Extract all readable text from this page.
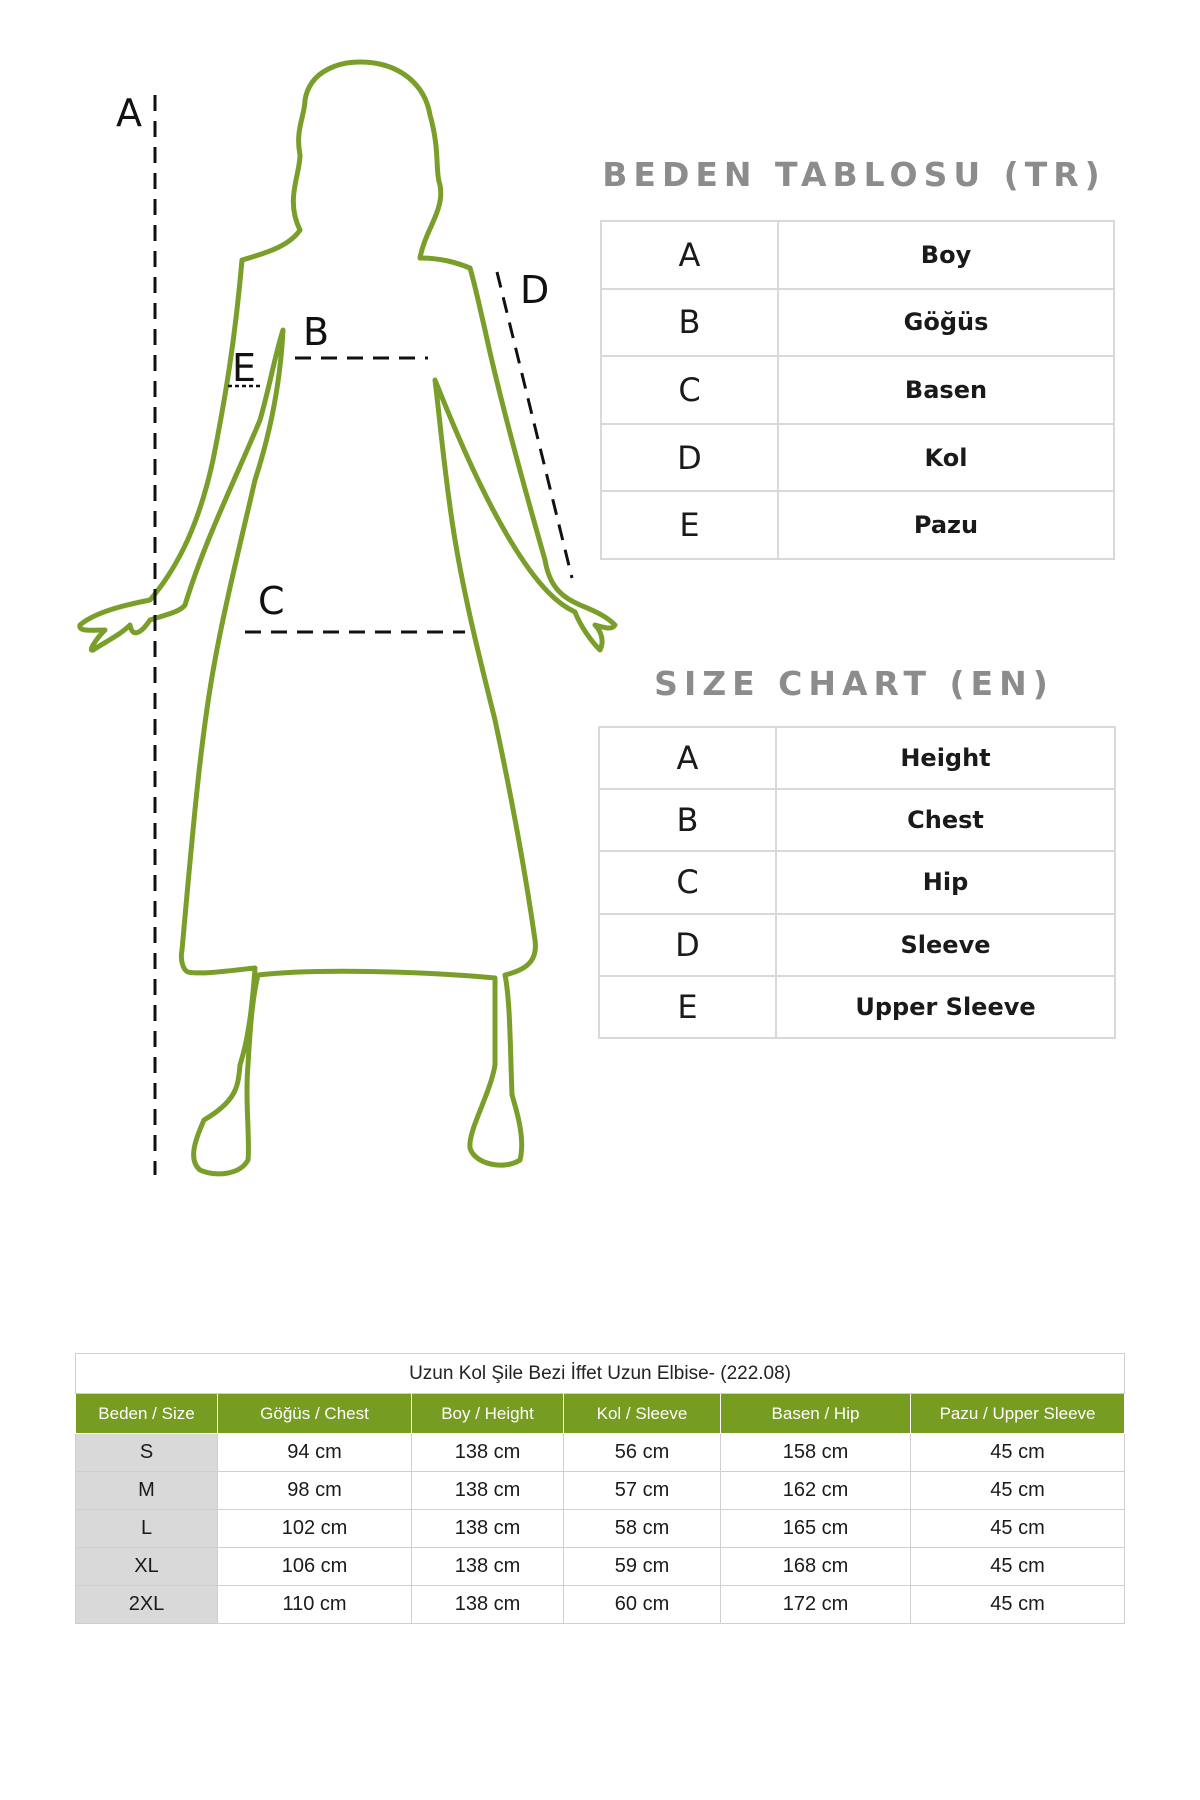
A
B
C
D
E
BEDEN TABLOSU (TR)
A	Boy
B	Göğüs
C	Basen
D	Kol
E	Pazu
SIZE CHART (EN)
A	Height
B	Chest
C	Hip
D	Sleeve
E	Upper Sleeve
Uzun Kol Şile Bezi İffet Uzun Elbise- (222.08)					
Beden / Size	Göğüs / Chest	Boy / Height	Kol / Sleeve	Basen / Hip	Pazu / Upper Sleeve
S	94 cm	138 cm	56 cm	158 cm	45 cm
M	98 cm	138 cm	57 cm	162 cm	45 cm
L	102 cm	138 cm	58 cm	165 cm	45 cm
XL	106 cm	138 cm	59 cm	168 cm	45 cm
2XL	110 cm	138 cm	60 cm	172 cm	45 cm
